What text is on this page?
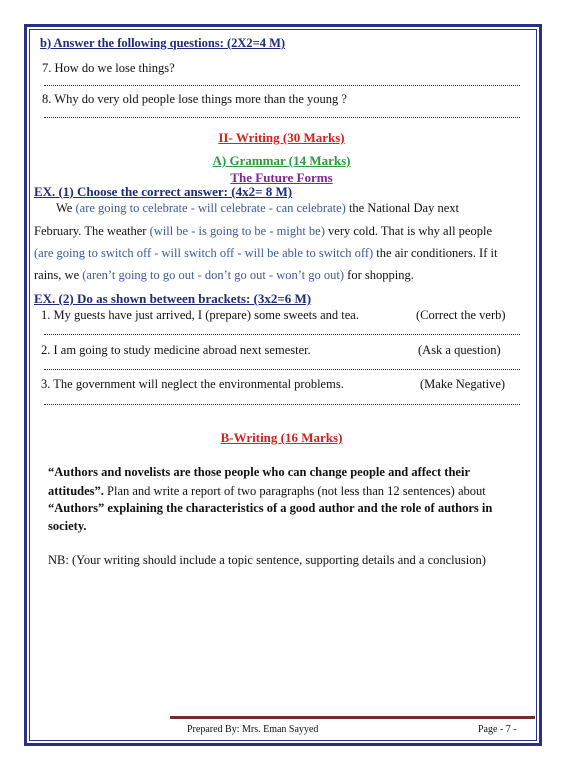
b) Answer the following questions: (2X2=4 M)
7. How do we lose things?
8. Why do very old people lose things more than the young ?
II- Writing (30 Marks)
A) Grammar (14 Marks)
The Future Forms
EX. (1) Choose the correct answer: (4x2= 8 M)
We (are going to celebrate - will celebrate - can celebrate) the National Day next
February. The weather (will be - is going to be - might be) very cold. That is why all people
(are going to switch off - will switch off - will be able to switch off) the air conditioners. If it
rains, we (aren’t going to go out - don’t go out - won’t go out) for shopping.
EX. (2) Do as shown between brackets: (3x2=6 M)
1. My guests have just arrived, I (prepare) some sweets and tea.	(Correct the verb)
2. I am going to study medicine abroad next semester.	(Ask a question)
3. The government will neglect the environmental problems.	(Make Negative)
B-Writing (16 Marks)
“Authors and novelists are those people who can change people and affect their
attitudes”. Plan and write a report of two paragraphs (not less than 12 sentences) about
“Authors” explaining the characteristics of a good author and the role of authors in
society.
NB: (Your writing should include a topic sentence, supporting details and a conclusion)
Prepared By: Mrs. Eman Sayyed	Page - 7 -
